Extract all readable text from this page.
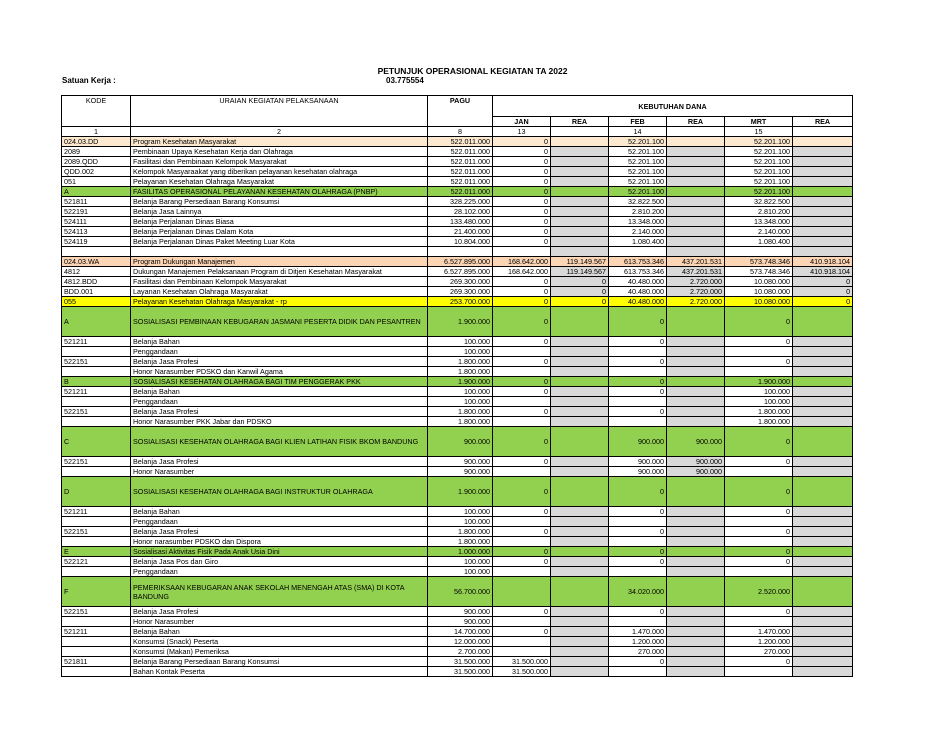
PETUNJUK OPERASIONAL KEGIATAN TA 2022
Satuan Kerja :	03.775554
KODE	URAIAN KEGIATAN PELAKSANAAN	PAGU	KEBUTUHAN DANA					
			JAN	REA	FEB	REA	MRT	REA
1	2	8	13		14		15	
024.03.DD	Program Kesehatan Masyarakat	522.011.000	0		52.201.100		52.201.100	
2089	Pembinaan Upaya Kesehatan Kerja dan Olahraga	522.011.000	0		52.201.100		52.201.100	
2089.QDD	Fasilitasi dan Pembinaan Kelompok Masyarakat	522.011.000	0		52.201.100		52.201.100	
QDD.002	Kelompok Masyaraakat yang diberikan pelayanan kesehatan olahraga	522.011.000	0		52.201.100		52.201.100	
051	Pelayanan Kesehatan Olahraga Masyarakat	522.011.000	0		52.201.100		52.201.100	
A	FASILITAS OPERASIONAL PELAYANAN KESEHATAN OLAHRAGA (PNBP)	522.011.000	0		52.201.100		52.201.100	
521811	Belanja Barang Persediaan Barang Konsumsi	328.225.000	0		32.822.500		32.822.500	
522191	Belanja Jasa Lainnya	28.102.000	0		2.810.200		2.810.200	
524111	Belanja Perjalanan Dinas Biasa	133.480.000	0		13.348.000		13.348.000	
524113	Belanja Perjalanan Dinas Dalam Kota	21.400.000	0		2.140.000		2.140.000	
524119	Belanja Perjalanan Dinas Paket Meeting Luar Kota	10.804.000	0		1.080.400		1.080.400	

024.03.WA	Program Dukungan Manajemen	6.527.895.000	168.642.000	119.149.567	613.753.346	437.201.531	573.748.346	410.918.104
4812	Dukungan Manajemen Pelaksanaan Program di Ditjen Kesehatan Masyarakat	6.527.895.000	168.642.000	119.149.567	613.753.346	437.201.531	573.748.346	410.918.104
4812.BDD	Fasilitasi dan Pembinaan Kelompok Masyarakat	269.300.000	0	0	40.480.000	2.720.000	10.080.000	0
BDD.001	Layanan Kesehatan Olahraga Masyarakat	269.300.000	0	0	40.480.000	2.720.000	10.080.000	0
055	Pelayanan Kesehatan Olahraga Masyarakat - rp	253.700.000	0	0	40.480.000	2.720.000	10.080.000	0
A	SOSIALISASI PEMBINAAN KEBUGARAN JASMANI PESERTA DIDIK DAN PESANTREN	1.900.000	0		0		0	
521211	Belanja Bahan	100.000	0		0		0	
	Penggandaan	100.000						
522151	Belanja Jasa Profesi	1.800.000	0		0		0	
	Honor Narasumber PDSKO dan Kanwil Agama	1.800.000						
B	SOSIALISASI KESEHATAN OLAHRAGA BAGI TIM PENGGERAK PKK	1.900.000	0		0		1.900.000	
521211	Belanja Bahan	100.000	0		0		100.000	
	Penggandaan	100.000					100.000	
522151	Belanja Jasa Profesi	1.800.000	0		0		1.800.000	
	Honor Narasumber PKK Jabar dan PDSKO	1.800.000					1.800.000	
C	SOSIALISASI KESEHATAN OLAHRAGA BAGI KLIEN LATIHAN FISIK BKOM BANDUNG	900.000	0		900.000	900.000	0	
522151	Belanja Jasa Profesi	900.000	0		900.000	900.000	0	
	Honor Narasumber	900.000			900.000	900.000		
D	SOSIALISASI KESEHATAN OLAHRAGA BAGI INSTRUKTUR OLAHRAGA	1.900.000	0		0		0	
521211	Belanja Bahan	100.000	0		0		0	
	Penggandaan	100.000						
522151	Belanja Jasa Profesi	1.800.000	0		0		0	
	Honor narasumber PDSKO dan Dispora	1.800.000						
E	Sosialisasi Aktivitas Fisik Pada Anak Usia Dini	1.000.000	0		0		0	
522121	Belanja Jasa Pos dan Giro	100.000	0		0		0	
	Penggandaan	100.000						
F	PEMERIKSAAN KEBUGARAN ANAK SEKOLAH MENENGAH ATAS (SMA) DI KOTA BANDUNG	56.700.000			34.020.000		2.520.000	
522151	Belanja Jasa Profesi	900.000	0		0		0	
	Honor Narasumber	900.000						
521211	Belanja Bahan	14.700.000	0		1.470.000		1.470.000	
	Konsumsi (Snack) Peserta	12.000.000			1.200.000		1.200.000	
	Konsumsi (Makan) Pemeriksa	2.700.000			270.000		270.000	
521811	Belanja Barang Persediaan Barang Konsumsi	31.500.000	31.500.000		0		0	
	Bahan Kontak Peserta	31.500.000	31.500.000					
